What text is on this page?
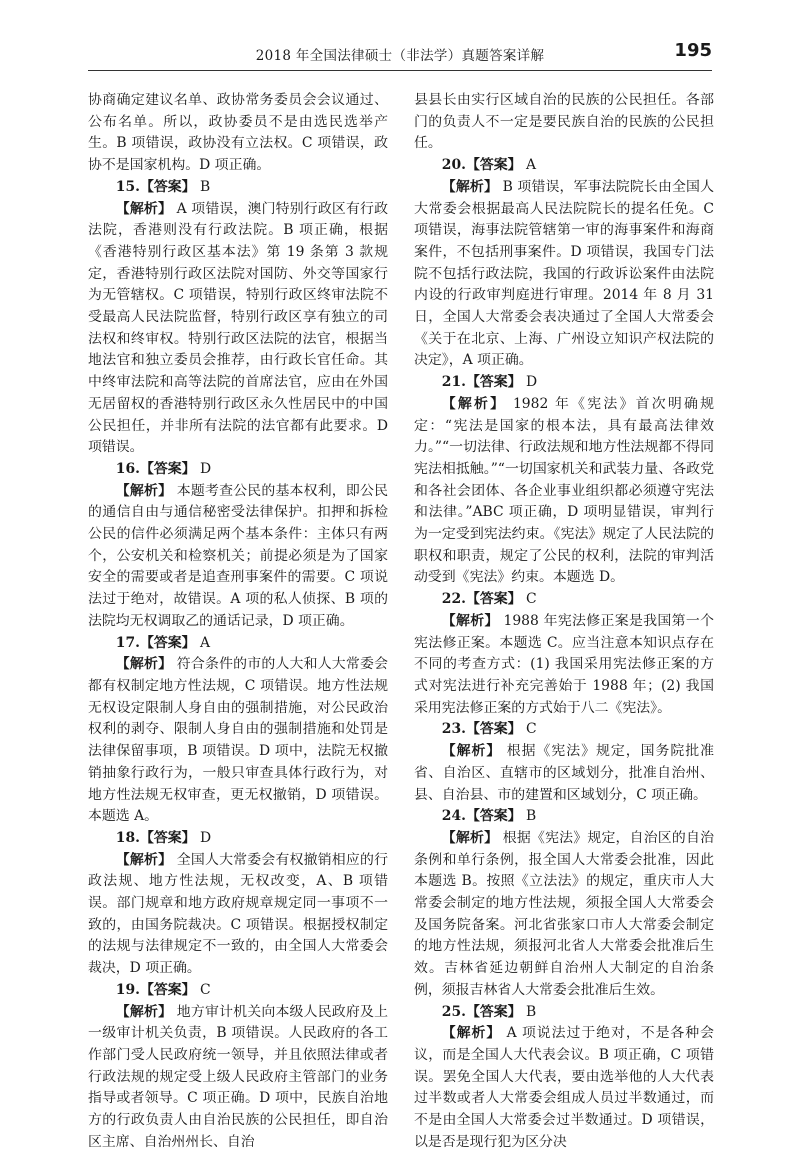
2018 年全国法律硕士（非法学）真题答案详解	195

协商确定建议名单、政协常务委员会会议通过、公布名单。所以，政协委员不是由选民选举产生。B 项错误，政协没有立法权。C 项错误，政协不是国家机构。D 项正确。

15.【答案】 B

【解析】 A 项错误，澳门特别行政区有行政法院，香港则没有行政法院。B 项正确，根据《香港特别行政区基本法》第 19 条第 3 款规定，香港特别行政区法院对国防、外交等国家行为无管辖权。C 项错误，特别行政区终审法院不受最高人民法院监督，特别行政区享有独立的司法权和终审权。特别行政区法院的法官，根据当地法官和独立委员会推荐，由行政长官任命。其中终审法院和高等法院的首席法官，应由在外国无居留权的香港特别行政区永久性居民中的中国公民担任，并非所有法院的法官都有此要求。D 项错误。

16.【答案】 D

【解析】 本题考查公民的基本权利，即公民的通信自由与通信秘密受法律保护。扣押和拆检公民的信件必须满足两个基本条件：主体只有两个，公安机关和检察机关；前提必须是为了国家安全的需要或者是追查刑事案件的需要。C 项说法过于绝对，故错误。A 项的私人侦探、B 项的法院均无权调取乙的通话记录，D 项正确。

17.【答案】 A

【解析】 符合条件的市的人大和人大常委会都有权制定地方性法规，C 项错误。地方性法规无权设定限制人身自由的强制措施，对公民政治权利的剥夺、限制人身自由的强制措施和处罚是法律保留事项，B 项错误。D 项中，法院无权撤销抽象行政行为，一般只审查具体行政行为，对地方性法规无权审查，更无权撤销，D 项错误。本题选 A。

18.【答案】 D

【解析】 全国人大常委会有权撤销相应的行政法规、地方性法规，无权改变，A、B 项错误。部门规章和地方政府规章规定同一事项不一致的，由国务院裁决。C 项错误。根据授权制定的法规与法律规定不一致的，由全国人大常委会裁决，D 项正确。

19.【答案】 C

【解析】 地方审计机关向本级人民政府及上一级审计机关负责，B 项错误。人民政府的各工作部门受人民政府统一领导，并且依照法律或者行政法规的规定受上级人民政府主管部门的业务指导或者领导。C 项正确。D 项中，民族自治地方的行政负责人由自治民族的公民担任，即自治区主席、自治州州长、自治

县县长由实行区域自治的民族的公民担任。各部门的负责人不一定是要民族自治的民族的公民担任。

20.【答案】 A

【解析】 B 项错误，军事法院院长由全国人大常委会根据最高人民法院院长的提名任免。C 项错误，海事法院管辖第一审的海事案件和海商案件，不包括刑事案件。D 项错误，我国专门法院不包括行政法院，我国的行政诉讼案件由法院内设的行政审判庭进行审理。2014 年 8 月 31 日，全国人大常委会表决通过了全国人大常委会《关于在北京、上海、广州设立知识产权法院的决定》，A 项正确。

21.【答案】 D

【解析】 1982 年《宪法》首次明确规定：“宪法是国家的根本法，具有最高法律效力。”“一切法律、行政法规和地方性法规都不得同宪法相抵触。”“一切国家机关和武装力量、各政党和各社会团体、各企业事业组织都必须遵守宪法和法律。”ABC 项正确，D 项明显错误，审判行为一定受到宪法约束。《宪法》规定了人民法院的职权和职责，规定了公民的权利，法院的审判活动受到《宪法》约束。本题选 D。

22.【答案】 C

【解析】 1988 年宪法修正案是我国第一个宪法修正案。本题选 C。应当注意本知识点存在不同的考查方式：(1) 我国采用宪法修正案的方式对宪法进行补充完善始于 1988 年；(2) 我国采用宪法修正案的方式始于八二《宪法》。

23.【答案】 C

【解析】 根据《宪法》规定，国务院批准省、自治区、直辖市的区域划分，批准自治州、县、自治县、市的建置和区域划分，C 项正确。

24.【答案】 B

【解析】 根据《宪法》规定，自治区的自治条例和单行条例，报全国人大常委会批准，因此本题选 B。按照《立法法》的规定，重庆市人大常委会制定的地方性法规，须报全国人大常委会及国务院备案。河北省张家口市人大常委会制定的地方性法规，须报河北省人大常委会批准后生效。吉林省延边朝鲜自治州人大制定的自治条例，须报吉林省人大常委会批准后生效。

25.【答案】 B

【解析】 A 项说法过于绝对，不是各种会议，而是全国人大代表会议。B 项正确，C 项错误。罢免全国人大代表，要由选举他的人大代表过半数或者人大常委会组成人员过半数通过，而不是由全国人大常委会过半数通过。D 项错误，以是否是现行犯为区分决
